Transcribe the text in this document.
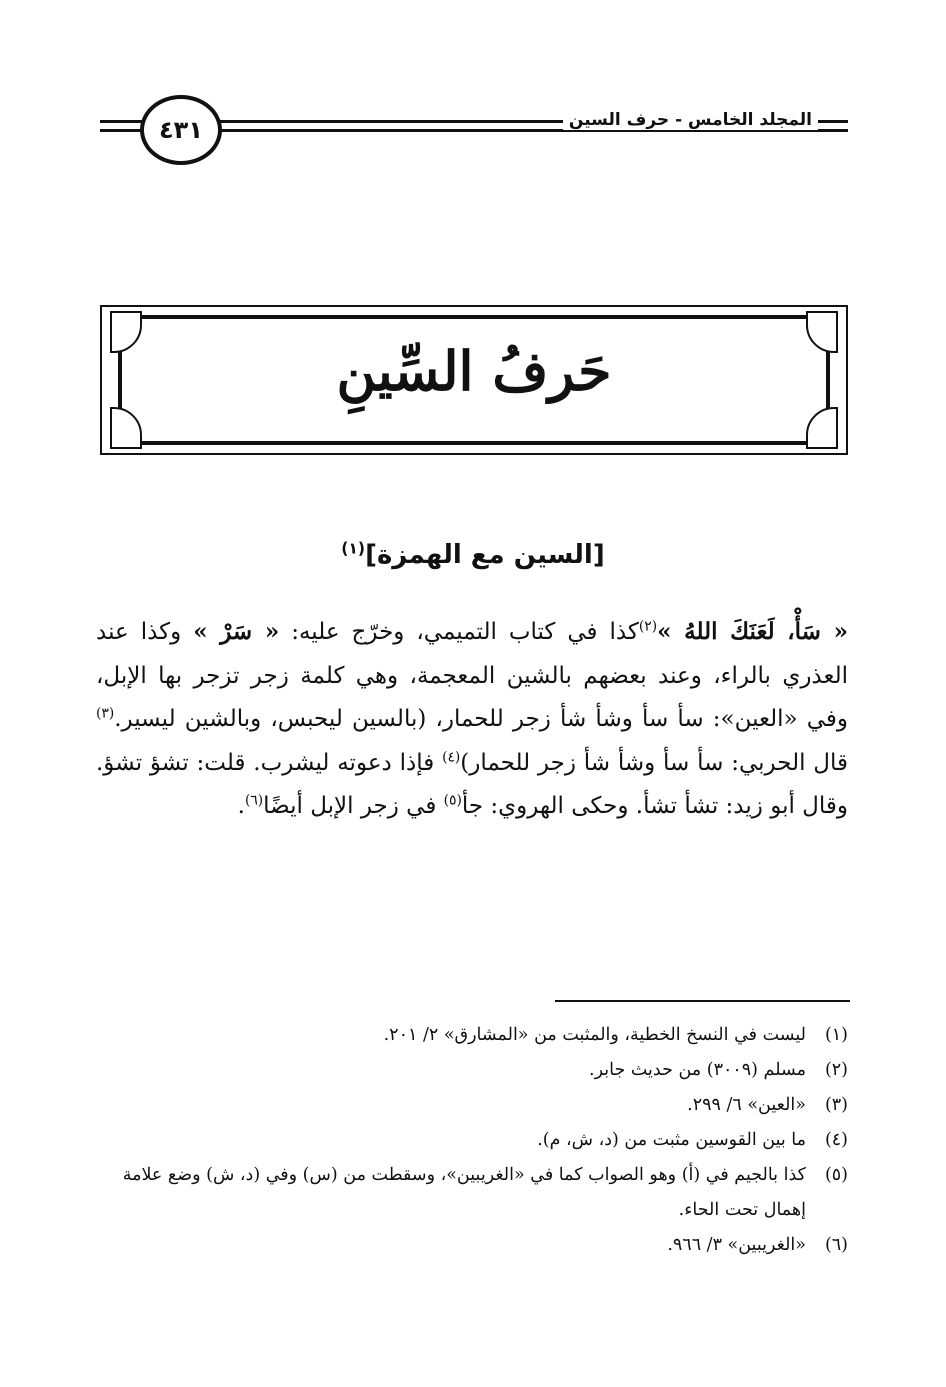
المجلد الخامس - حرف السين
٤٣١
حَرفُ السِّينِ
[السين مع الهمزة]$^{(١)}$
« سَأْ، لَعَنَكَ اللهُ »$^{(٢)}$كذا في كتاب التميمي، وخرّج عليه: « سَرْ » وكذا عند العذري بالراء، وعند بعضهم بالشين المعجمة، وهي كلمة زجر تزجر بها الإبل، وفي «العين»: سأ سأ وشأ شأ زجر للحمار، (بالسين ليحبس، وبالشين ليسير.$^{(٣)}$ قال الحربي: سأ سأ وشأ شأ زجر للحمار)$^{(٤)}$ فإذا دعوته ليشرب. قلت: تشؤ تشؤ. وقال أبو زيد: تشأ تشأ. وحكى الهروي: جأ$^{(٥)}$ في زجر الإبل أيضًا$^{(٦)}$.
(١)
ليست في النسخ الخطية، والمثبت من «المشارق» ٢/ ٢٠١.
(٢)
مسلم (٣٠٠٩) من حديث جابر.
(٣)
«العين» ٦/ ٢٩٩.
(٤)
ما بين القوسين مثبت من (د، ش، م).
(٥)
كذا بالجيم في (أ) وهو الصواب كما في «الغريبين»، وسقطت من (س) وفي (د، ش) وضع علامة إهمال تحت الحاء.
(٦)
«الغريبين» ٣/ ٩٦٦.
